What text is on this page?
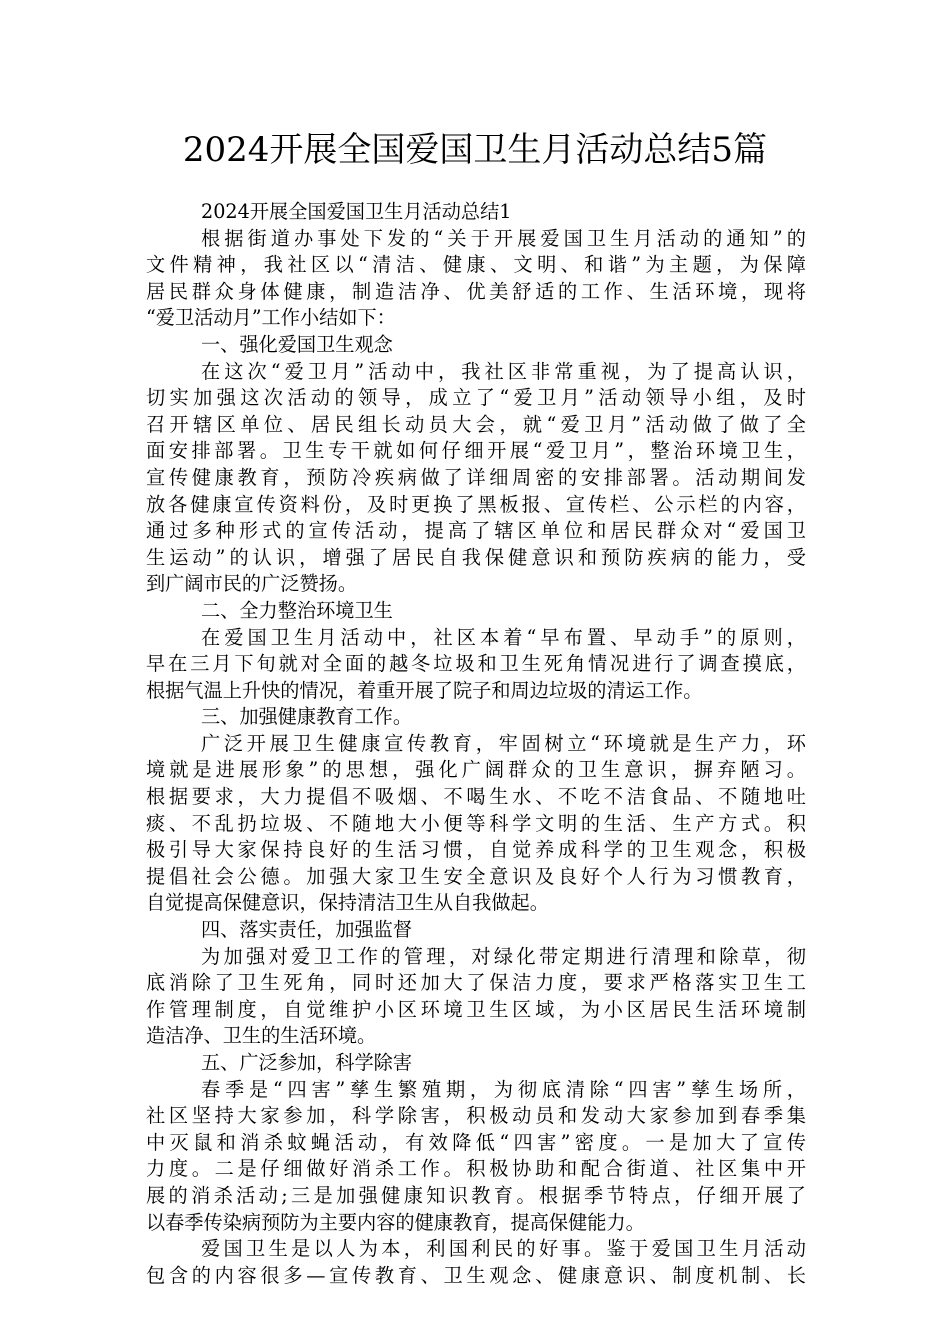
2024开展全国爱国卫生月活动总结5篇
2024开展全国爱国卫生月活动总结1
根据街道办事处下发的“关于开展爱国卫生月活动的通知”的
文件精神，我社区以“清洁、健康、文明、和谐”为主题，为保障
居民群众身体健康，制造洁净、优美舒适的工作、生活环境，现将
“爱卫活动月”工作小结如下：
一、强化爱国卫生观念
在这次“爱卫月”活动中，我社区非常重视，为了提高认识，
切实加强这次活动的领导，成立了“爱卫月”活动领导小组，及时
召开辖区单位、居民组长动员大会，就“爱卫月”活动做了做了全
面安排部署。卫生专干就如何仔细开展“爱卫月”，整治环境卫生，
宣传健康教育，预防冷疾病做了详细周密的安排部署。活动期间发
放各健康宣传资料份，及时更换了黑板报、宣传栏、公示栏的内容，
通过多种形式的宣传活动，提高了辖区单位和居民群众对“爱国卫
生运动”的认识，增强了居民自我保健意识和预防疾病的能力，受
到广阔市民的广泛赞扬。
二、全力整治环境卫生
在爱国卫生月活动中，社区本着“早布置、早动手”的原则，
早在三月下旬就对全面的越冬垃圾和卫生死角情况进行了调查摸底，
根据气温上升快的情况，着重开展了院子和周边垃圾的清运工作。
三、加强健康教育工作。
广泛开展卫生健康宣传教育，牢固树立“环境就是生产力，环
境就是进展形象”的思想，强化广阔群众的卫生意识，摒弃陋习。
根据要求，大力提倡不吸烟、不喝生水、不吃不洁食品、不随地吐
痰、不乱扔垃圾、不随地大小便等科学文明的生活、生产方式。积
极引导大家保持良好的生活习惯，自觉养成科学的卫生观念，积极
提倡社会公德。加强大家卫生安全意识及良好个人行为习惯教育，
自觉提高保健意识，保持清洁卫生从自我做起。
四、落实责任，加强监督
为加强对爱卫工作的管理，对绿化带定期进行清理和除草，彻
底消除了卫生死角，同时还加大了保洁力度，要求严格落实卫生工
作管理制度，自觉维护小区环境卫生区域，为小区居民生活环境制
造洁净、卫生的生活环境。
五、广泛参加，科学除害
春季是“四害”孳生繁殖期，为彻底清除“四害”孳生场所，
社区坚持大家参加，科学除害，积极动员和发动大家参加到春季集
中灭鼠和消杀蚊蝇活动，有效降低“四害”密度。一是加大了宣传
力度。二是仔细做好消杀工作。积极协助和配合街道、社区集中开
展的消杀活动;三是加强健康知识教育。根据季节特点，仔细开展了
以春季传染病预防为主要内容的健康教育，提高保健能力。
爱国卫生是以人为本，利国利民的好事。鉴于爱国卫生月活动
包含的内容很多—宣传教育、卫生观念、健康意识、制度机制、长
